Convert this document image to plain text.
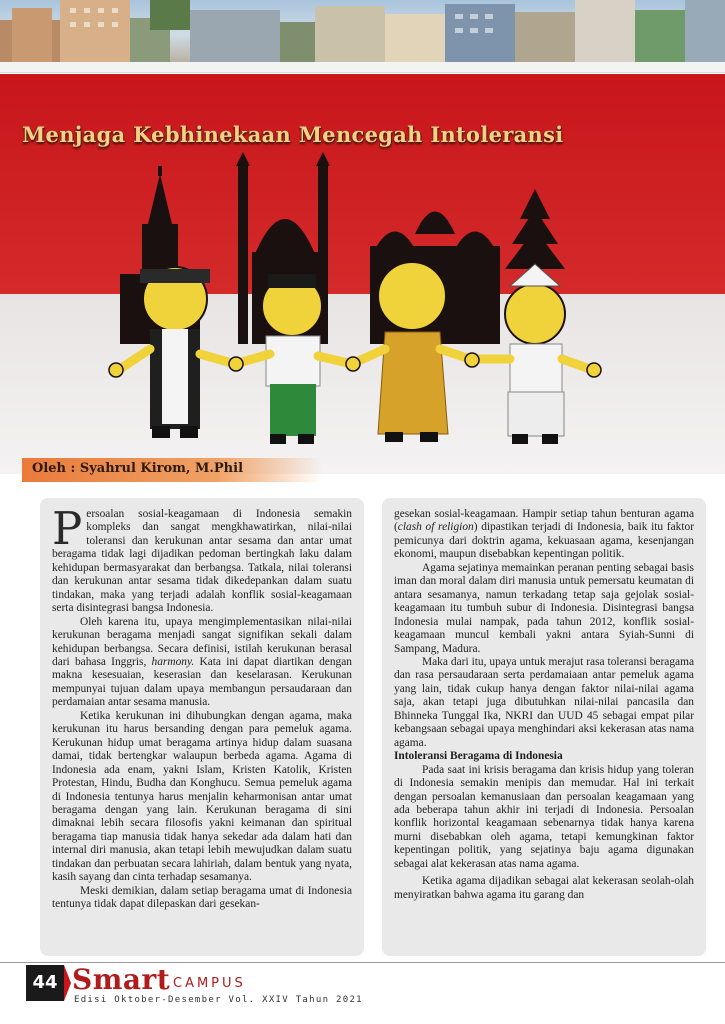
Menjaga Kebhinekaan Mencegah Intoleransi
Oleh : Syahrul Kirom, M.Phil

Persoalan sosial-keagamaan di Indonesia semakin kompleks dan sangat mengkhawatirkan, nilai-nilai toleransi dan kerukunan antar sesama dan antar umat beragama tidak lagi dijadikan pedoman bertingkah laku dalam kehidupan bermasyarakat dan berbangsa. Tatkala, nilai toleransi dan kerukunan antar sesama tidak dikedepankan dalam suatu tindakan, maka yang terjadi adalah konflik sosial-keagamaan serta disintegrasi bangsa Indonesia.

Oleh karena itu, upaya mengimplementasikan nilai-nilai kerukunan beragama menjadi sangat signifikan sekali dalam kehidupan berbangsa. Secara definisi, istilah kerukunan berasal dari bahasa Inggris, harmony. Kata ini dapat diartikan dengan makna kesesuaian, keserasian dan keselarasan. Kerukunan mempunyai tujuan dalam upaya membangun persaudaraan dan perdamaian antar sesama manusia.

Ketika kerukunan ini dihubungkan dengan agama, maka kerukunan itu harus bersanding dengan para pemeluk agama. Kerukunan hidup umat beragama artinya hidup dalam suasana damai, tidak bertengkar walaupun berbeda agama. Agama di Indonesia ada enam, yakni Islam, Kristen Katolik, Kristen Protestan, Hindu, Budha dan Konghucu. Semua pemeluk agama di Indonesia tentunya harus menjalin keharmonisan antar umat beragama dengan yang lain. Kerukunan beragama di sini dimaknai lebih secara filosofis yakni keimanan dan spiritual beragama tiap manusia tidak hanya sekedar ada dalam hati dan internal diri manusia, akan tetapi lebih mewujudkan dalam suatu tindakan dan perbuatan secara lahiriah, dalam bentuk yang nyata, kasih sayang dan cinta terhadap sesamanya.

Meski demikian, dalam setiap beragama umat di Indonesia tentunya tidak dapat dilepaskan dari gesekan-

gesekan sosial-keagamaan. Hampir setiap tahun benturan agama (clash of religion) dipastikan terjadi di Indonesia, baik itu faktor pemicunya dari doktrin agama, kekuasaan agama, kesenjangan ekonomi, maupun disebabkan kepentingan politik.

Agama sejatinya memainkan peranan penting sebagai basis iman dan moral dalam diri manusia untuk pemersatu keumatan di antara sesamanya, namun terkadang tetap saja gejolak sosial-keagamaan itu tumbuh subur di Indonesia. Disintegrasi bangsa Indonesia mulai nampak, pada tahun 2012, konflik sosial-keagamaan muncul kembali yakni antara Syiah-Sunni di Sampang, Madura.

Maka dari itu, upaya untuk merajut rasa toleransi beragama dan rasa persaudaraan serta perdamaiaan antar pemeluk agama yang lain, tidak cukup hanya dengan faktor nilai-nilai agama saja, akan tetapi juga dibutuhkan nilai-nilai pancasila dan Bhinneka Tunggal Ika, NKRI dan UUD 45 sebagai empat pilar kebangsaan sebagai upaya menghindari aksi kekerasan atas nama agama.

Intoleransi Beragama di Indonesia

Pada saat ini krisis beragama dan krisis hidup yang toleran di Indonesia semakin menipis dan memudar. Hal ini terkait dengan persoalan kemanusiaan dan persoalan keagamaan yang ada beberapa tahun akhir ini terjadi di Indonesia. Persoalan konflik horizontal keagamaan sebenarnya tidak hanya karena murni disebabkan oleh agama, tetapi kemungkinan faktor kepentingan politik, yang sejatinya baju agama digunakan sebagai alat kekerasan atas nama agama.

Ketika agama dijadikan sebagai alat kekerasan seolah-olah menyiratkan bahwa agama itu garang dan

44 Smart CAMPUS
Edisi Oktober-Desember Vol. XXIV Tahun 2021
